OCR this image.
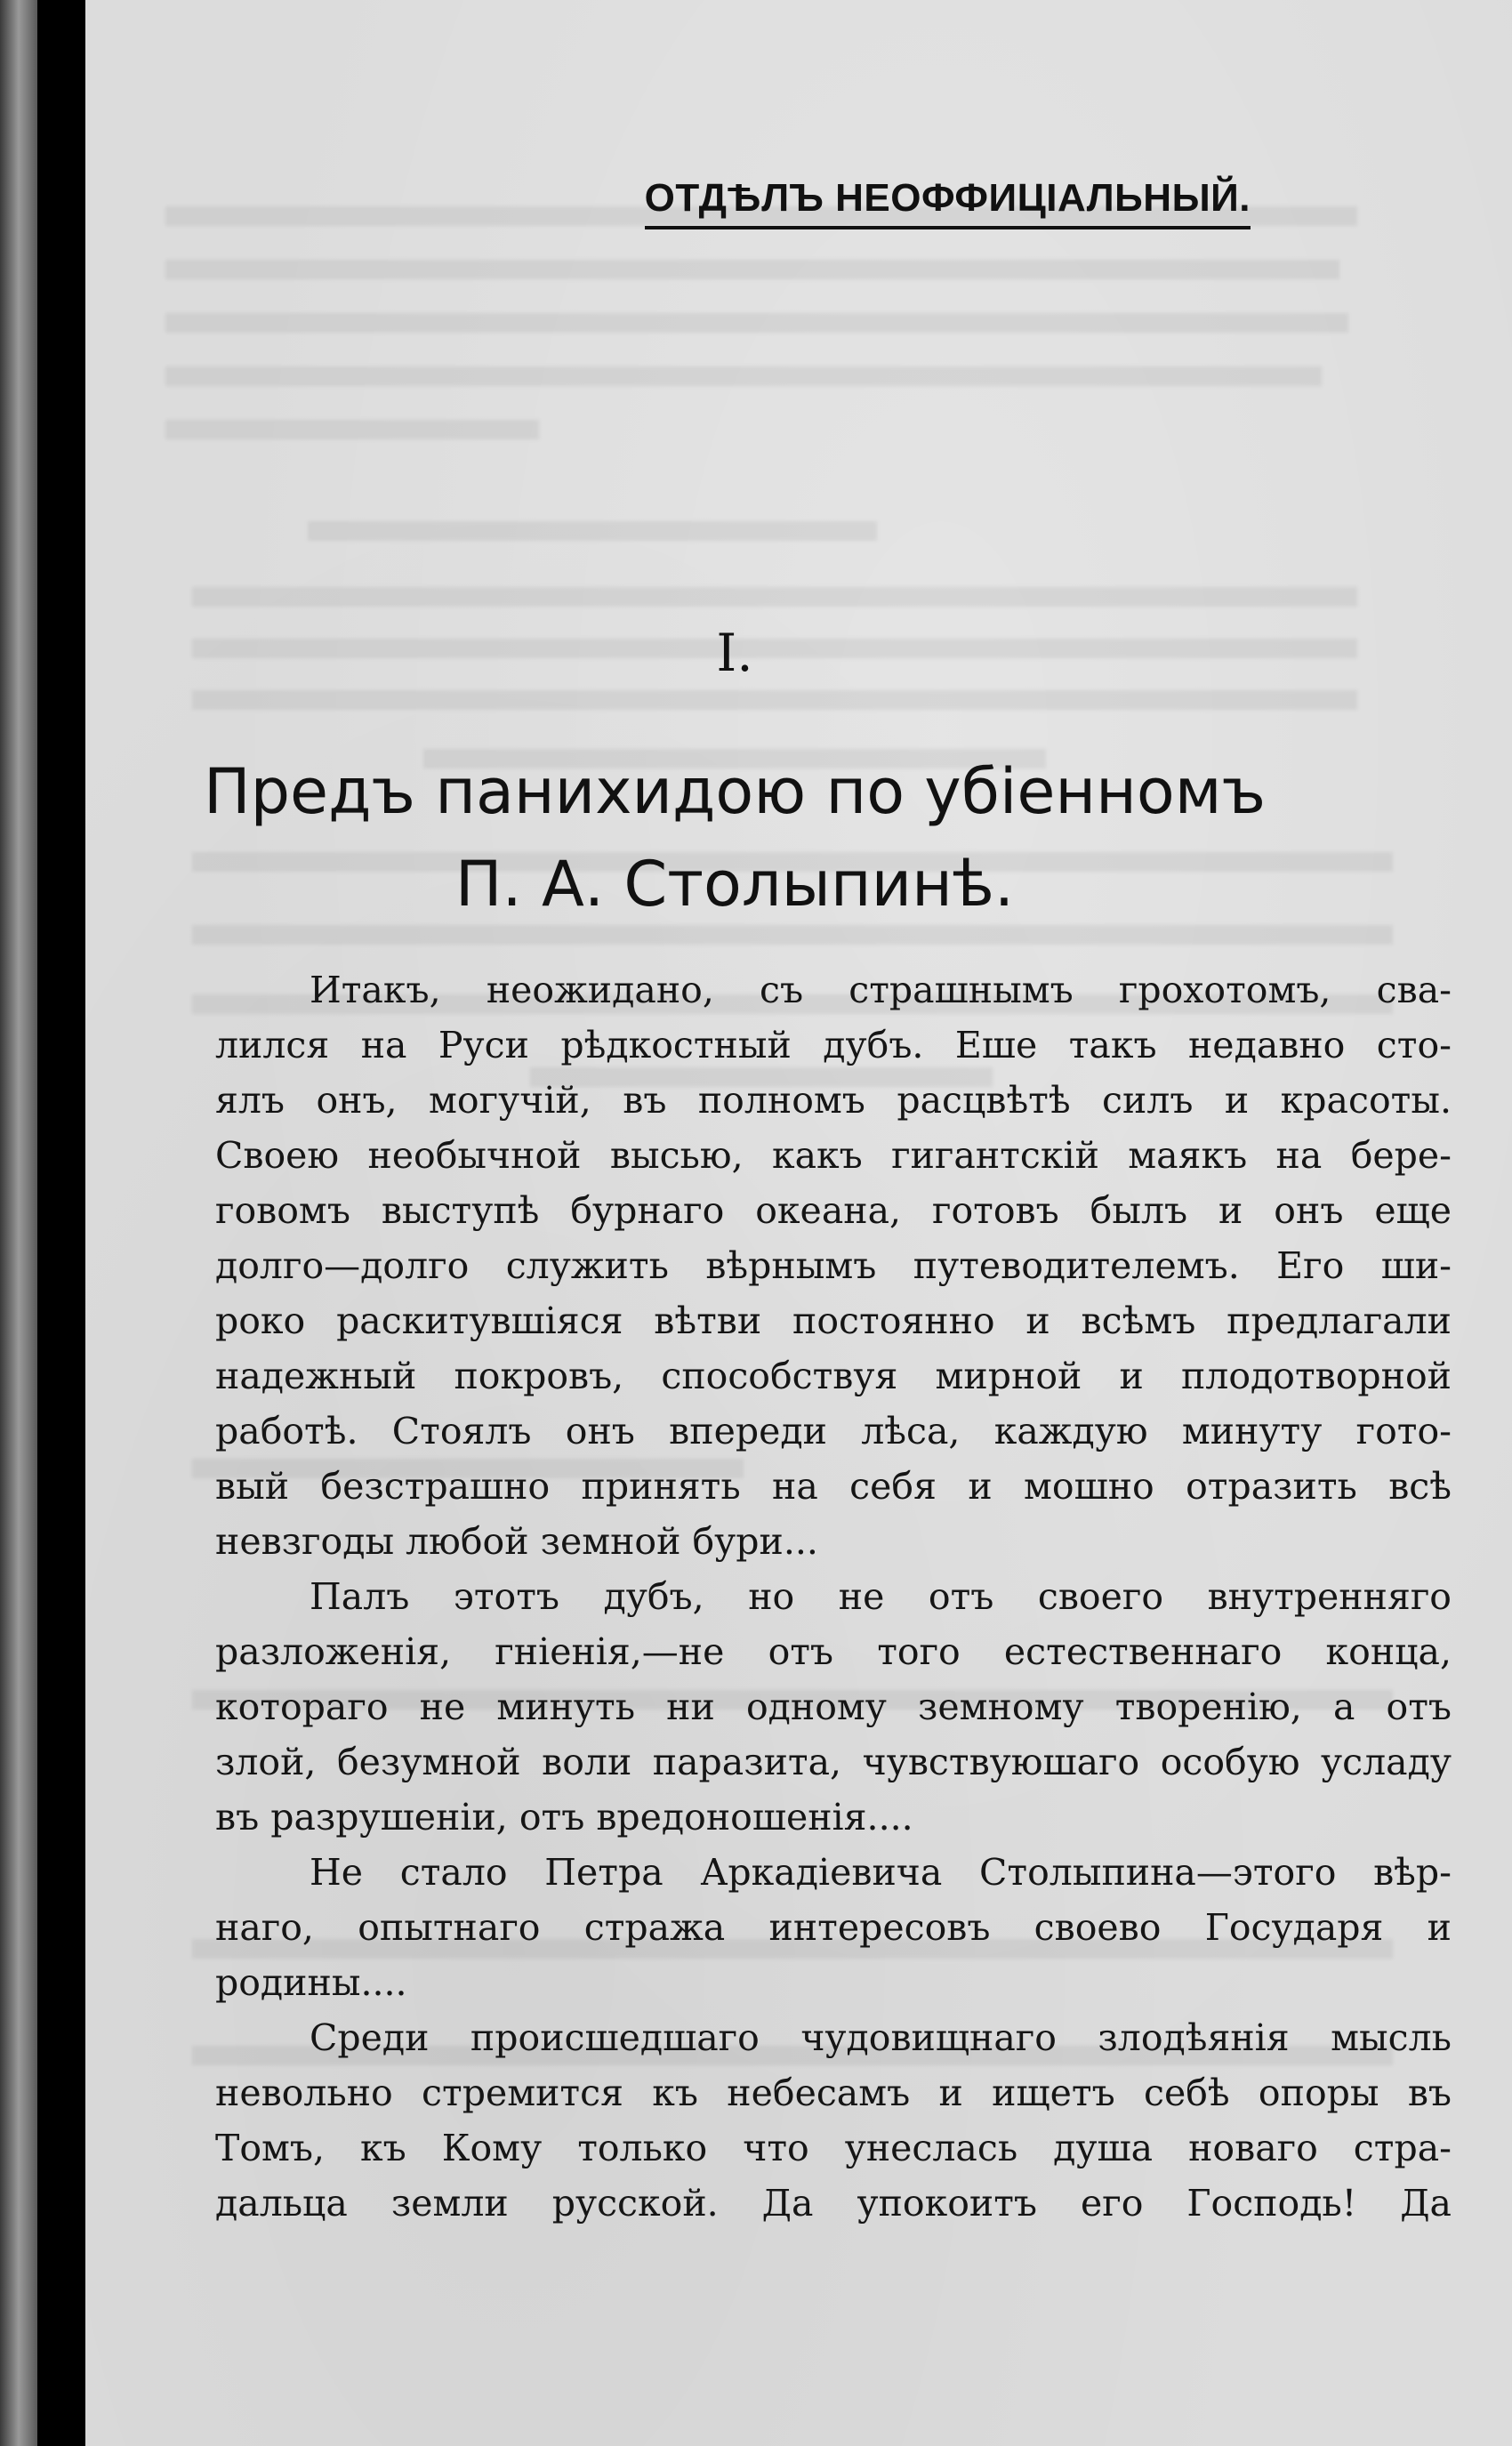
ОТДѢЛЪ НЕОФФИЦІАЛЬНЫЙ.
I.
Предъ панихидою по убіенномъ
П. А. Столыпинѣ.
Итакъ, неожидано, съ страшнымъ грохотомъ, сва-
лился на Руси рѣдкостный дубъ. Еше такъ недавно сто-
ялъ онъ, могучій, въ полномъ расцвѣтѣ силъ и красоты.
Своею необычной высью, какъ гигантскій маякъ на бере-
говомъ выступѣ бурнаго океана, готовъ былъ и онъ еще
долго—долго служить вѣрнымъ путеводителемъ. Его ши-
роко раскитувшіяся вѣтви постоянно и всѣмъ предлагали
надежный покровъ, способствуя мирной и плодотворной
работѣ. Стоялъ онъ впереди лѣса, каждую минуту гото-
вый безстрашно принять на себя и мошно отразить всѣ
невзгоды любой земной бури...
Палъ этотъ дубъ, но не отъ своего внутренняго
разложенія, гніенія,—не отъ того естественнаго конца,
котораго не минуть ни одному земному творенію, а отъ
злой, безумной воли паразита, чувствуюшаго особую усладу
въ разрушеніи, отъ вредоношенія....
Не стало Петра Аркадіевича Столыпина—этого вѣр-
наго, опытнаго стража интересовъ своево Государя и
родины....
Среди происшедшаго чудовищнаго злодѣянія мысль
невольно стремится къ небесамъ и ищетъ себѣ опоры въ
Томъ, къ Кому только что унеслась душа новаго стра-
дальца земли русской. Да упокоитъ его Господь! Да
